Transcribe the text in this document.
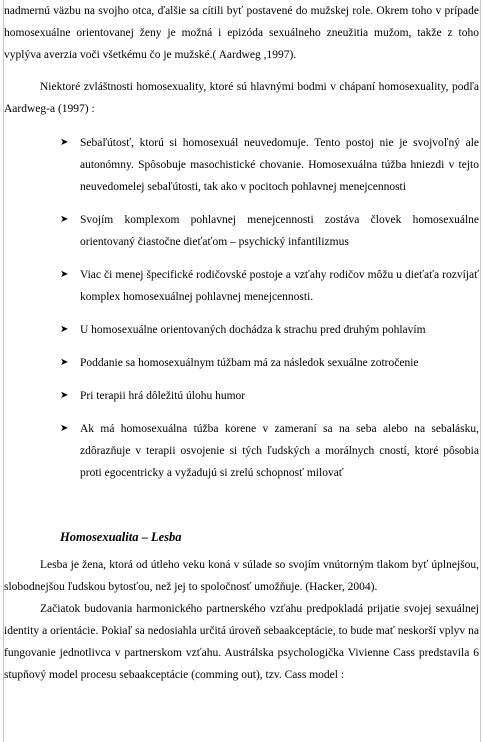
nadmernú väzbu na svojho otca, ďalšie sa cítili byť postavené do mužskej role. Okrem toho v prípade homosexuálne orientovanej ženy je možná i epizóda sexuálneho zneužitia mužom, takže z toho vyplýva averzia voči všetkému čo je mužské.( Aardweg ,1997).

Niektoré zvláštnosti homosexuality, ktoré sú hlavnými bodmi v chápaní homosexuality, podľa Aardweg-a (1997) :

➤ Sebaľútosť, ktorú si homosexuál neuvedomuje. Tento postoj nie je svojvoľný ale autonómny. Spôsobuje masochistické chovanie. Homosexuálna túžba hniezdi v tejto neuvedomelej sebaľútosti, tak ako v pocitoch pohlavnej menejcennosti
➤ Svojím komplexom pohlavnej menejcennosti zostáva človek homosexuálne orientovaný čiastočne dieťaťom – psychický infantilizmus
➤ Viac či menej špecifické rodičovské postoje a vzťahy rodičov môžu u dieťaťa rozvíjať komplex homosexuálnej pohlavnej menejcennosti.
➤ U homosexuálne orientovaných dochádza k strachu pred druhým pohlavím
➤ Poddanie sa homosexuálnym túžbam má za následok sexuálne zotročenie
➤ Pri terapii hrá dôležitú úlohu humor
➤ Ak má homosexuálna túžba korene v zameraní sa na seba alebo na sebalásku, zdôrazňuje v terapii osvojenie si tých ľudských a morálnych cností, ktoré pôsobia proti egocentricky a vyžadujú si zrelú schopnosť milovať
Homosexualita – Lesba

Lesba je žena, ktorá od útleho veku koná v súlade so svojím vnútorným tlakom byť úplnejšou, slobodnejšou ľudskou bytosťou, než jej to spoločnosť umožňuje. (Hacker, 2004).

Začiatok budovania harmonického partnerského vzťahu predpokladá prijatie svojej sexuálnej identity a orientácie. Pokiaľ sa nedosiahla určitá úroveň sebaakceptácie, to bude mať neskorší vplyv na fungovanie jednotlivca v partnerskom vzťahu. Austrálska psychologička Vivienne Cass predstavila 6 stupňový model procesu sebaakceptácie (comming out), tzv. Cass model :
